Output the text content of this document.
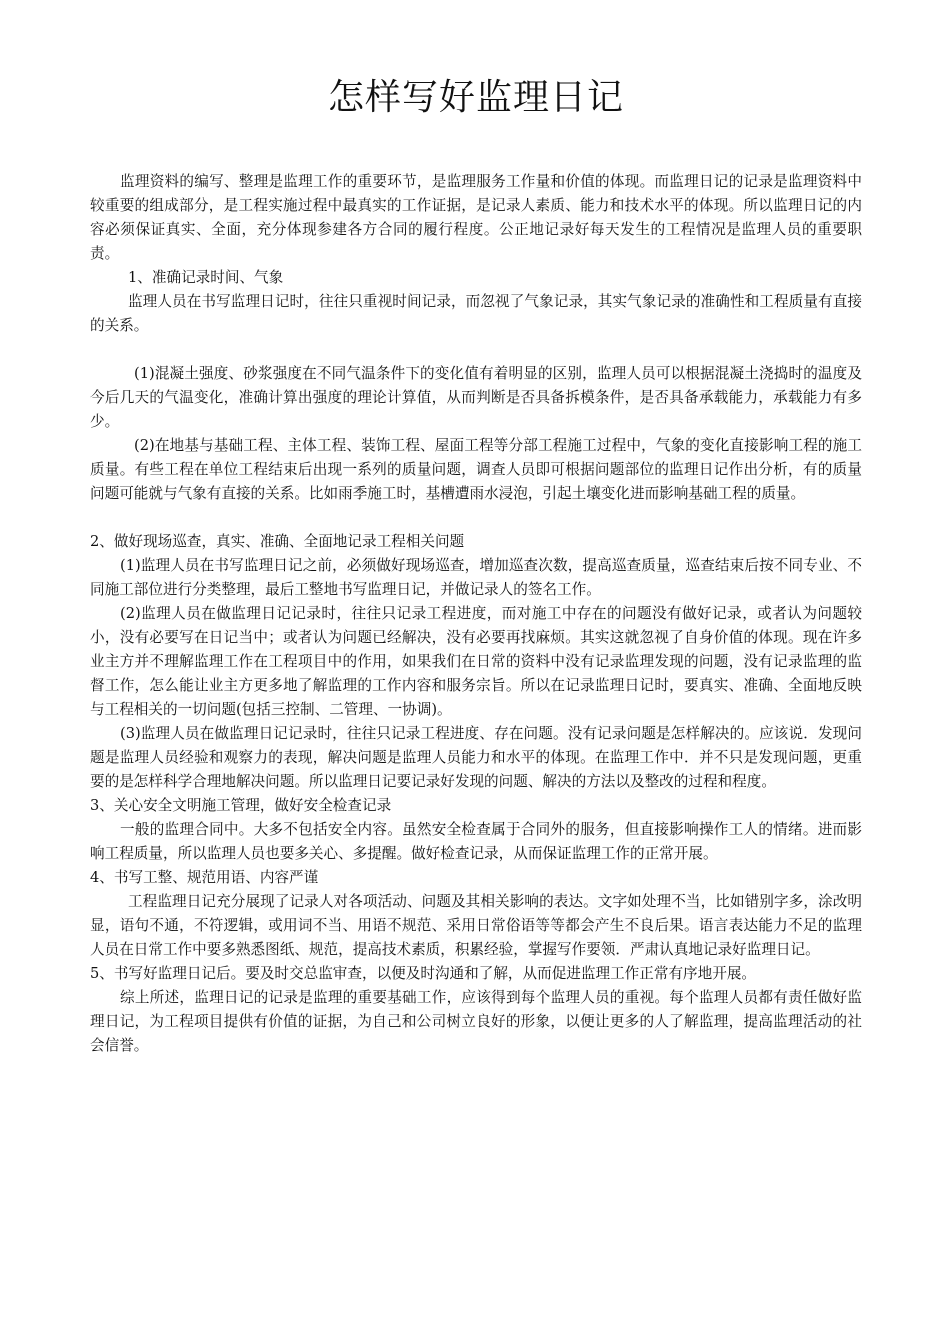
怎样写好监理日记

监理资料的编写、整理是监理工作的重要环节，是监理服务工作量和价值的体现。而监理日记的记录是监理资料中较重要的组成部分，是工程实施过程中最真实的工作证据，是记录人素质、能力和技术水平的体现。所以监理日记的内容必须保证真实、全面，充分体现参建各方合同的履行程度。公正地记录好每天发生的工程情况是监理人员的重要职责。

1、准确记录时间、气象

监理人员在书写监理日记时，往往只重视时间记录，而忽视了气象记录，其实气象记录的准确性和工程质量有直接的关系。

(1)混凝土强度、砂浆强度在不同气温条件下的变化值有着明显的区别，监理人员可以根据混凝土浇捣时的温度及今后几天的气温变化，准确计算出强度的理论计算值，从而判断是否具备拆模条件，是否具备承载能力，承载能力有多少。

(2)在地基与基础工程、主体工程、装饰工程、屋面工程等分部工程施工过程中，气象的变化直接影响工程的施工质量。有些工程在单位工程结束后出现一系列的质量问题，调查人员即可根据问题部位的监理日记作出分析，有的质量问题可能就与气象有直接的关系。比如雨季施工时，基槽遭雨水浸泡，引起土壤变化进而影响基础工程的质量。

2、做好现场巡查，真实、准确、全面地记录工程相关问题

(1)监理人员在书写监理日记之前，必须做好现场巡查，增加巡查次数，提高巡查质量，巡查结束后按不同专业、不同施工部位进行分类整理，最后工整地书写监理日记，并做记录人的签名工作。

(2)监理人员在做监理日记记录时，往往只记录工程进度，而对施工中存在的问题没有做好记录，或者认为问题较小，没有必要写在日记当中；或者认为问题已经解决，没有必要再找麻烦。其实这就忽视了自身价值的体现。现在许多业主方并不理解监理工作在工程项目中的作用，如果我们在日常的资料中没有记录监理发现的问题，没有记录监理的监督工作，怎么能让业主方更多地了解监理的工作内容和服务宗旨。所以在记录监理日记时，要真实、准确、全面地反映与工程相关的一切问题(包括三控制、二管理、一协调)。

(3)监理人员在做监理日记记录时，往往只记录工程进度、存在问题。没有记录问题是怎样解决的。应该说．发现问题是监理人员经验和观察力的表现，解决问题是监理人员能力和水平的体现。在监理工作中．并不只是发现问题，更重要的是怎样科学合理地解决问题。所以监理日记要记录好发现的问题、解决的方法以及整改的过程和程度。

3、关心安全文明施工管理，做好安全检查记录

一般的监理合同中。大多不包括安全内容。虽然安全检查属于合同外的服务，但直接影响操作工人的情绪。进而影响工程质量，所以监理人员也要多关心、多提醒。做好检查记录，从而保证监理工作的正常开展。

4、书写工整、规范用语、内容严谨

工程监理日记充分展现了记录人对各项活动、问题及其相关影响的表达。文字如处理不当，比如错别字多，涂改明显，语句不通，不符逻辑，或用词不当、用语不规范、采用日常俗语等等都会产生不良后果。语言表达能力不足的监理人员在日常工作中要多熟悉图纸、规范，提高技术素质，积累经验，掌握写作要领．严肃认真地记录好监理日记。

5、书写好监理日记后。要及时交总监审查，以便及时沟通和了解，从而促进监理工作正常有序地开展。

综上所述，监理日记的记录是监理的重要基础工作，应该得到每个监理人员的重视。每个监理人员都有责任做好监理日记，为工程项目提供有价值的证据，为自己和公司树立良好的形象，以便让更多的人了解监理，提高监理活动的社会信誉。
